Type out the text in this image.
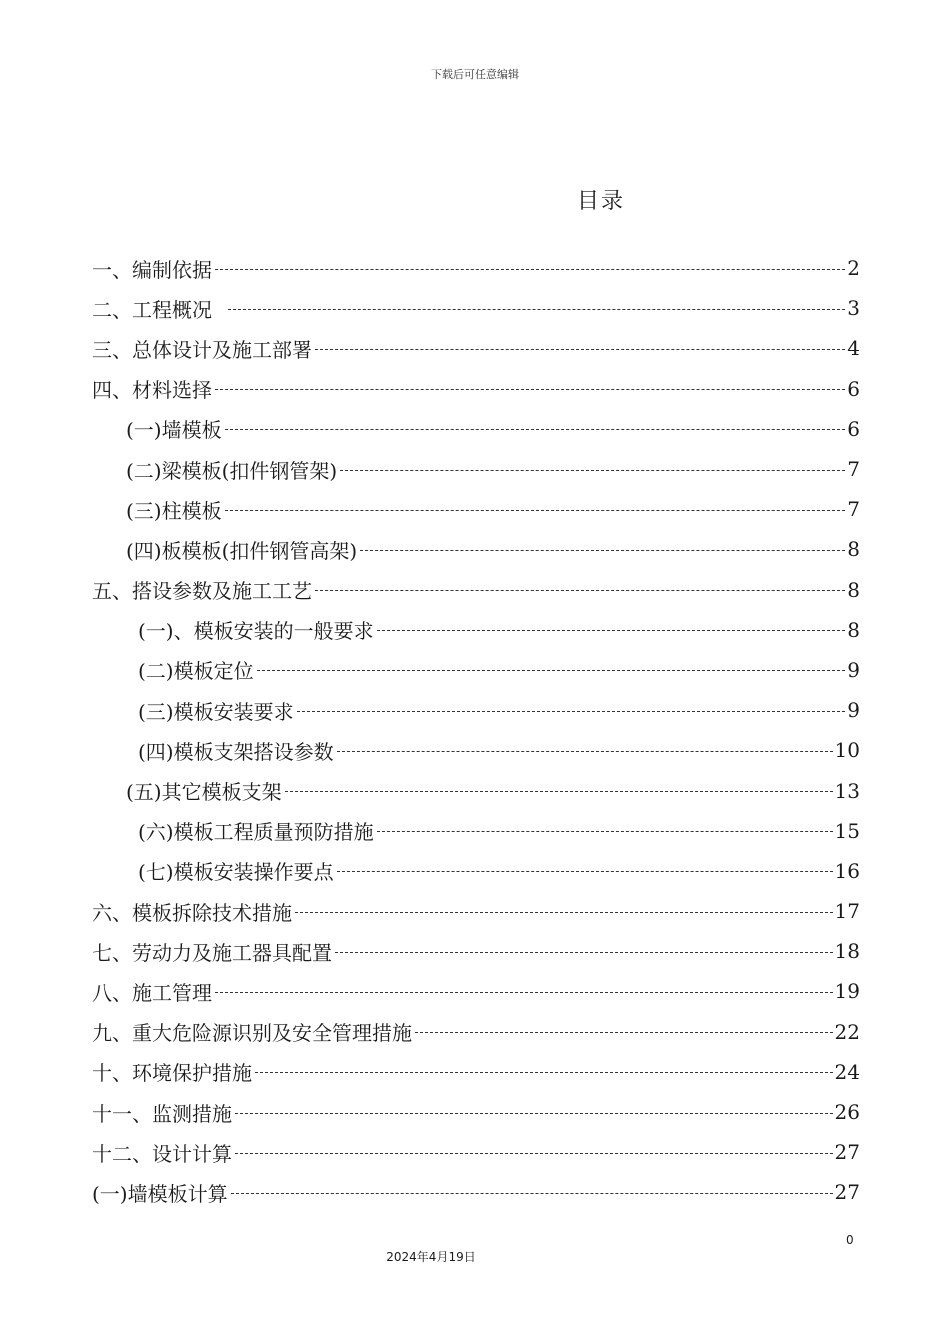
下载后可任意编辑
目录
一、编制依据	2
二、工程概况	3
三、总体设计及施工部署	4
四、材料选择	6
(一)墙模板	6
(二)梁模板(扣件钢管架)	7
(三)柱模板	7
(四)板模板(扣件钢管高架)	8
五、搭设参数及施工工艺	8
(一)、模板安装的一般要求	8
(二)模板定位	9
(三)模板安装要求	9
(四)模板支架搭设参数	10
(五)其它模板支架	13
(六)模板工程质量预防措施	15
(七)模板安装操作要点	16
六、模板拆除技术措施	17
七、劳动力及施工器具配置	18
八、施工管理	19
九、重大危险源识别及安全管理措施	22
十、环境保护措施	24
十一、监测措施	26
十二、设计计算	27
(一)墙模板计算	27
0
2024年4月19日
